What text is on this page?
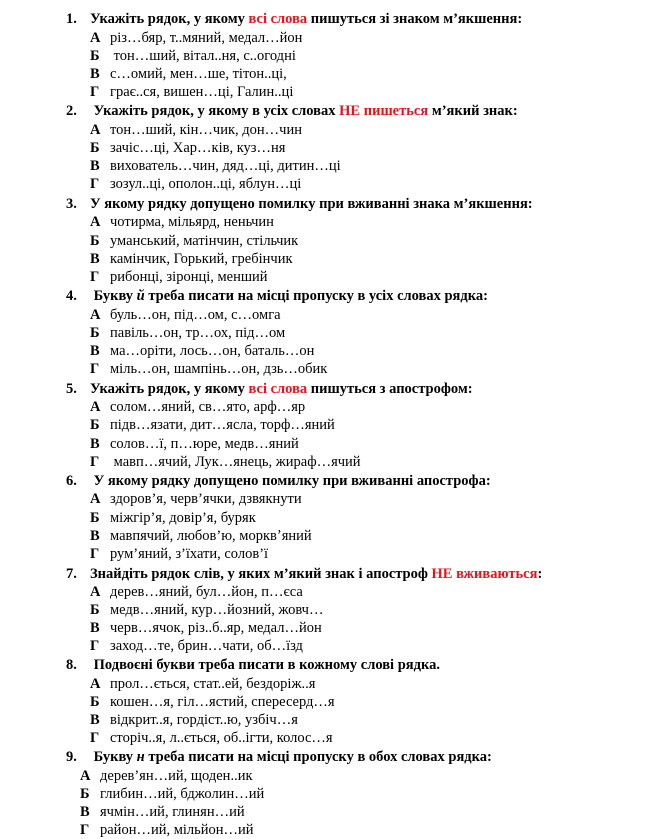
1. Укажіть рядок, у якому всі слова пишуться зі знаком м’якшення:
А різ…бяр, т..мяний, медал…йон
Б тон…ший, вітал..ня, с..огодні
В с…омий, мен…ше, тітон..ці,
Г грає..ся, вишен…ці, Галин..ці
2. Укажіть рядок, у якому в усіх словах НЕ пишеться м’який знак:
А тон…ший, кін…чик, дон…чин
Б зачіс…ці, Хар…ків, куз…ня
В вихователь…чин, дяд…ці, дитин…ці
Г зозул..ці, ополон..ці, яблун…ці
3. У якому рядку допущено помилку при вживанні знака м’якшення:
А чотирма, мільярд, неньчин
Б уманський, матінчин, стільчик
В камінчик, Горький, гребінчик
Г рибонці, зіронці, менший
4. Букву й треба писати на місці пропуску в усіх словах рядка:
А буль…он, під…ом, с…омга
Б павіль…он, тр…ох, під…ом
В ма…оріти, лось…он, баталь…он
Г міль…он, шампінь…он, дзь…обик
5. Укажіть рядок, у якому всі слова пишуться з апострофом:
А солом…яний, св…ято, арф…яр
Б підв…язати, дит…ясла, торф…яний
В солов…ї, п…юре, медв…яний
Г мавп…ячий, Лук…янець, жираф…ячий
6. У якому рядку допущено помилку при вживанні апострофа:
А здоров’я, черв’ячки, дзвякнути
Б міжгір’я, довір’я, буряк
В мавпячий, любов’ю, морквʼяний
Г рум’яний, з’їхати, солов’ї
7. Знайдіть рядок слів, у яких м’який знак і апостроф НЕ вживаються:
А дерев…яний, бул…йон, п…єса
Б медв…яний, кур…йозний, жовч…
В черв…ячок, різ..б..яр, медал…йон
Г заход…те, брин…чати, об…їзд
8. Подвоєні букви треба писати в кожному слові рядка.
А прол…ється, стат..ей, бездоріж..я
Б кошен…я, гіл…ястий, спересерд…я
В відкрит..я, гордіст..ю, узбіч…я
Г сторіч..я, л..ється, об..ігти, колос…я
9. Букву н треба писати на місці пропуску в обох словах рядка:
А дерев’ян…ий, щоден..ик
Б глибин…ий, бджолин…ий
В ячмін…ий, глинян…ий
Г район…ий, мільйон…ий
